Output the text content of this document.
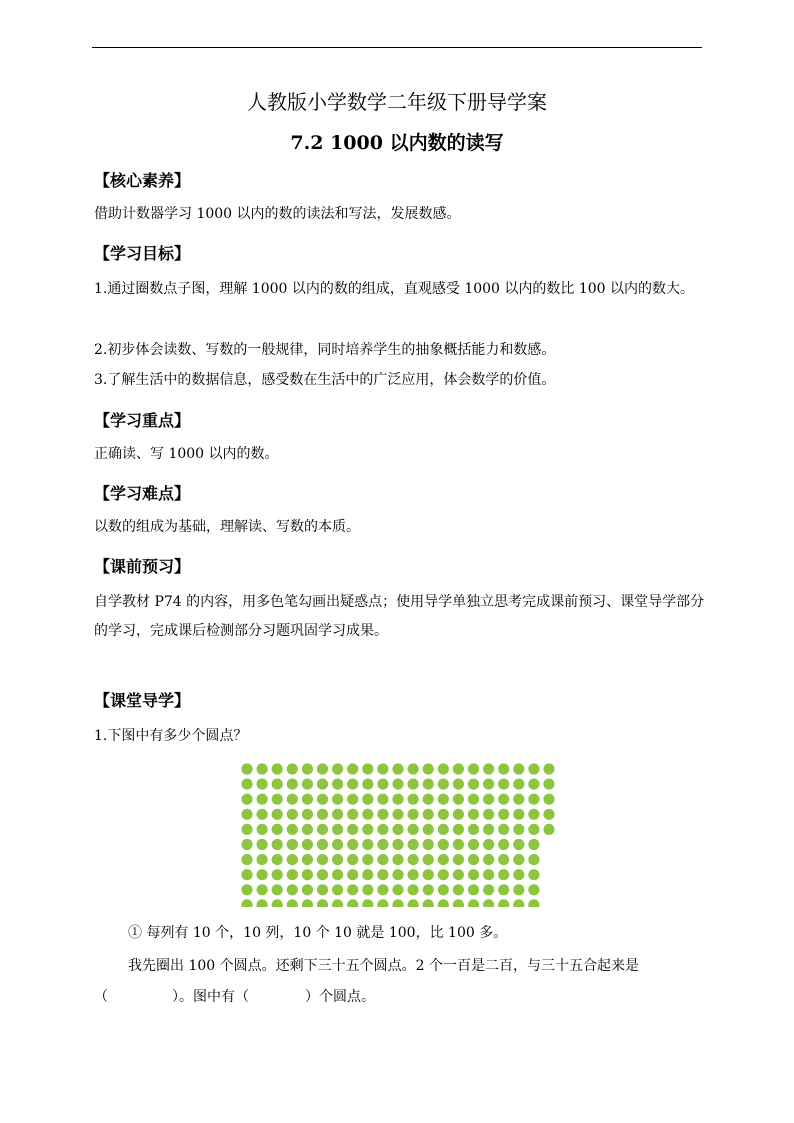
人教版小学数学二年级下册导学案
7.2 1000 以内数的读写
【核心素养】
借助计数器学习 1000 以内的数的读法和写法，发展数感。
【学习目标】
1.通过圈数点子图，理解 1000 以内的数的组成，直观感受 1000 以内的数比 100 以内的数大。
2.初步体会读数、写数的一般规律，同时培养学生的抽象概括能力和数感。
3.了解生活中的数据信息，感受数在生活中的广泛应用，体会数学的价值。
【学习重点】
正确读、写 1000 以内的数。
【学习难点】
以数的组成为基础，理解读、写数的本质。
【课前预习】
自学教材 P74 的内容，用多色笔勾画出疑惑点；使用导学单独立思考完成课前预习、课堂导学部分的学习，完成课后检测部分习题巩固学习成果。
【课堂导学】
1.下图中有多少个圆点？
① 每列有 10 个，10 列，10 个 10 就是 100，比 100 多。
我先圈出 100 个圆点。还剩下三十五个圆点。2 个一百是二百，与三十五合起来是
（	）。图中有（	）个圆点。
